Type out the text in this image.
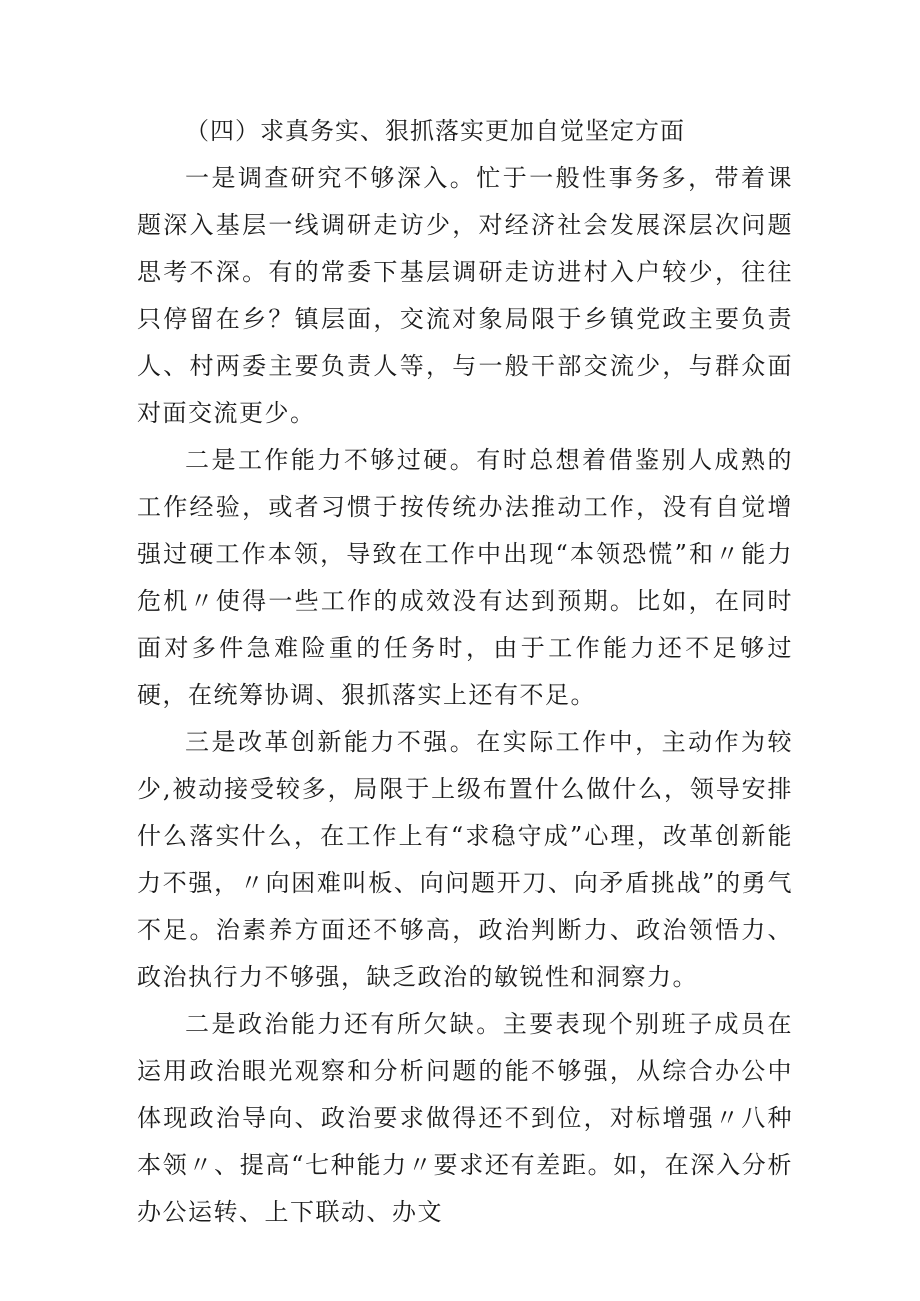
（四）求真务实、狠抓落实更加自觉坚定方面

一是调查研究不够深入。忙于一般性事务多，带着课题深入基层一线调研走访少，对经济社会发展深层次问题思考不深。有的常委下基层调研走访进村入户较少，往往只停留在乡？镇层面，交流对象局限于乡镇党政主要负责人、村两委主要负责人等，与一般干部交流少，与群众面对面交流更少。

二是工作能力不够过硬。有时总想着借鉴别人成熟的工作经验，或者习惯于按传统办法推动工作，没有自觉增强过硬工作本领，导致在工作中出现“本领恐慌”和〃能力危机〃使得一些工作的成效没有达到预期。比如，在同时面对多件急难险重的任务时，由于工作能力还不足够过硬，在统筹协调、狠抓落实上还有不足。

三是改革创新能力不强。在实际工作中，主动作为较少,被动接受较多，局限于上级布置什么做什么，领导安排什么落实什么，在工作上有“求稳守成”心理，改革创新能力不强，〃向困难叫板、向问题开刀、向矛盾挑战”的勇气不足。治素养方面还不够高，政治判断力、政治领悟力、政治执行力不够强，缺乏政治的敏锐性和洞察力。

二是政治能力还有所欠缺。主要表现个别班子成员在运用政治眼光观察和分析问题的能不够强，从综合办公中体现政治导向、政治要求做得还不到位，对标增强〃八种本领〃、提高“七种能力〃要求还有差距。如，在深入分析办公运转、上下联动、办文
